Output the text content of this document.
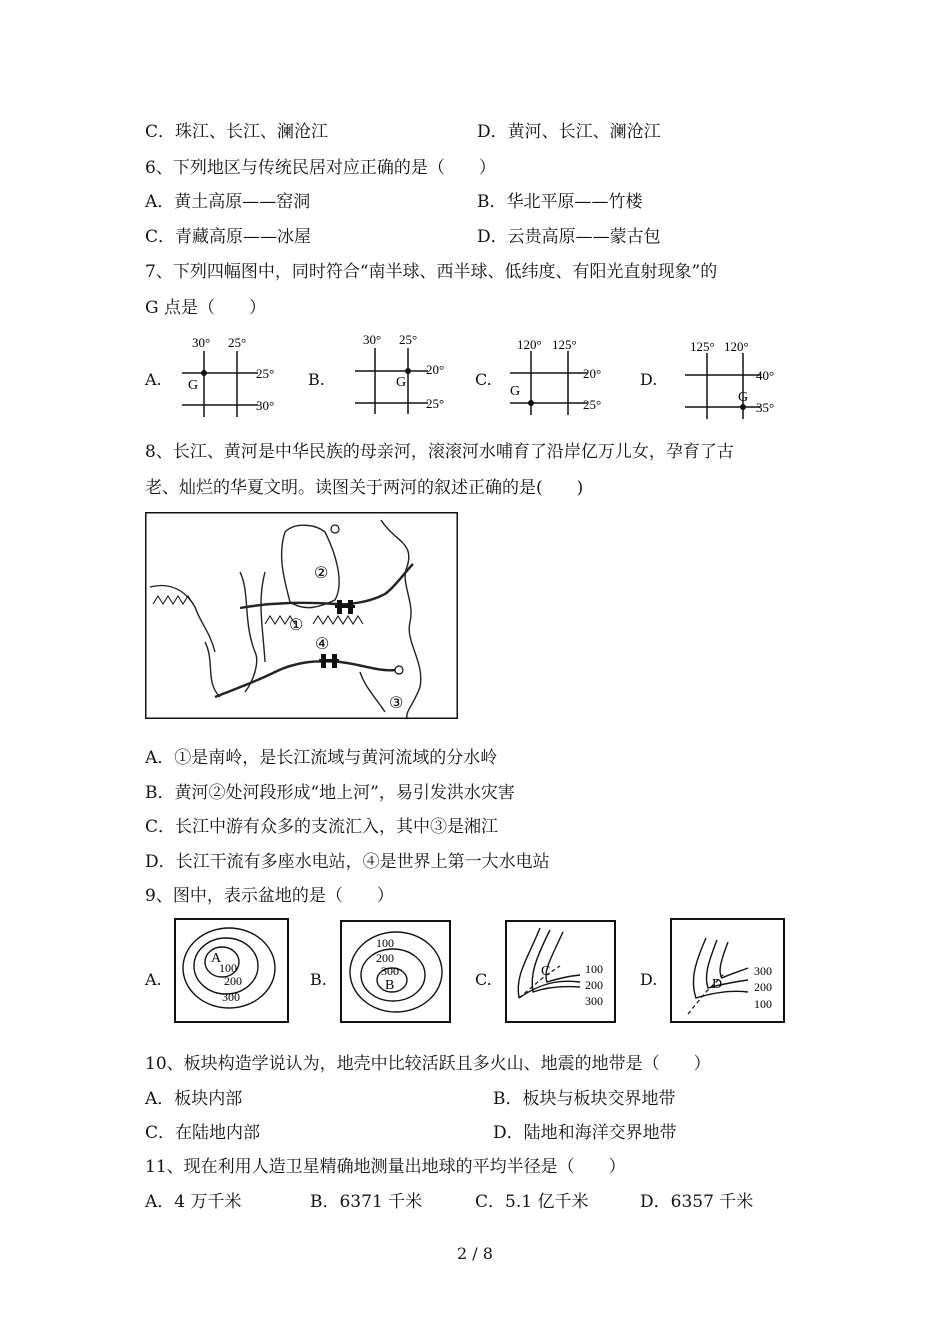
C．珠江、长江、澜沧江	D．黄河、长江、澜沧江
6、下列地区与传统民居对应正确的是（　　）
A．黄土高原——窑洞	B．华北平原——竹楼
C．青藏高原——冰屋	D．云贵高原——蒙古包
7、下列四幅图中，同时符合“南半球、西半球、低纬度、有阳光直射现象”的
G 点是（　　）
A.	B.	C.	D.
30° 25°
25°
30°
G
30° 25°
20°
25°
G
120° 125°
20°
25°
G
125° 120°
40°
35°
G
8、长江、黄河是中华民族的母亲河，滚滚河水哺育了沿岸亿万儿女，孕育了古
老、灿烂的华夏文明。读图关于两河的叙述正确的是(　　)
②
①
④
③
A．①是南岭，是长江流域与黄河流域的分水岭
B．黄河②处河段形成“地上河”，易引发洪水灾害
C．长江中游有众多的支流汇入，其中③是湘江
D．长江干流有多座水电站，④是世界上第一大水电站
9、图中，表示盆地的是（　　）
A.	B.	C.	D.
A
100
200
300
100
200
300
B
C	100
200
300
D
300
200
100
10、板块构造学说认为，地壳中比较活跃且多火山、地震的地带是（　　）
A．板块内部	B．板块与板块交界地带
C．在陆地内部	D．陆地和海洋交界地带
11、现在利用人造卫星精确地测量出地球的平均半径是（　　）
A．4 万千米	B．6371 千米	C．5.1 亿千米	D．6357 千米
2 / 8
